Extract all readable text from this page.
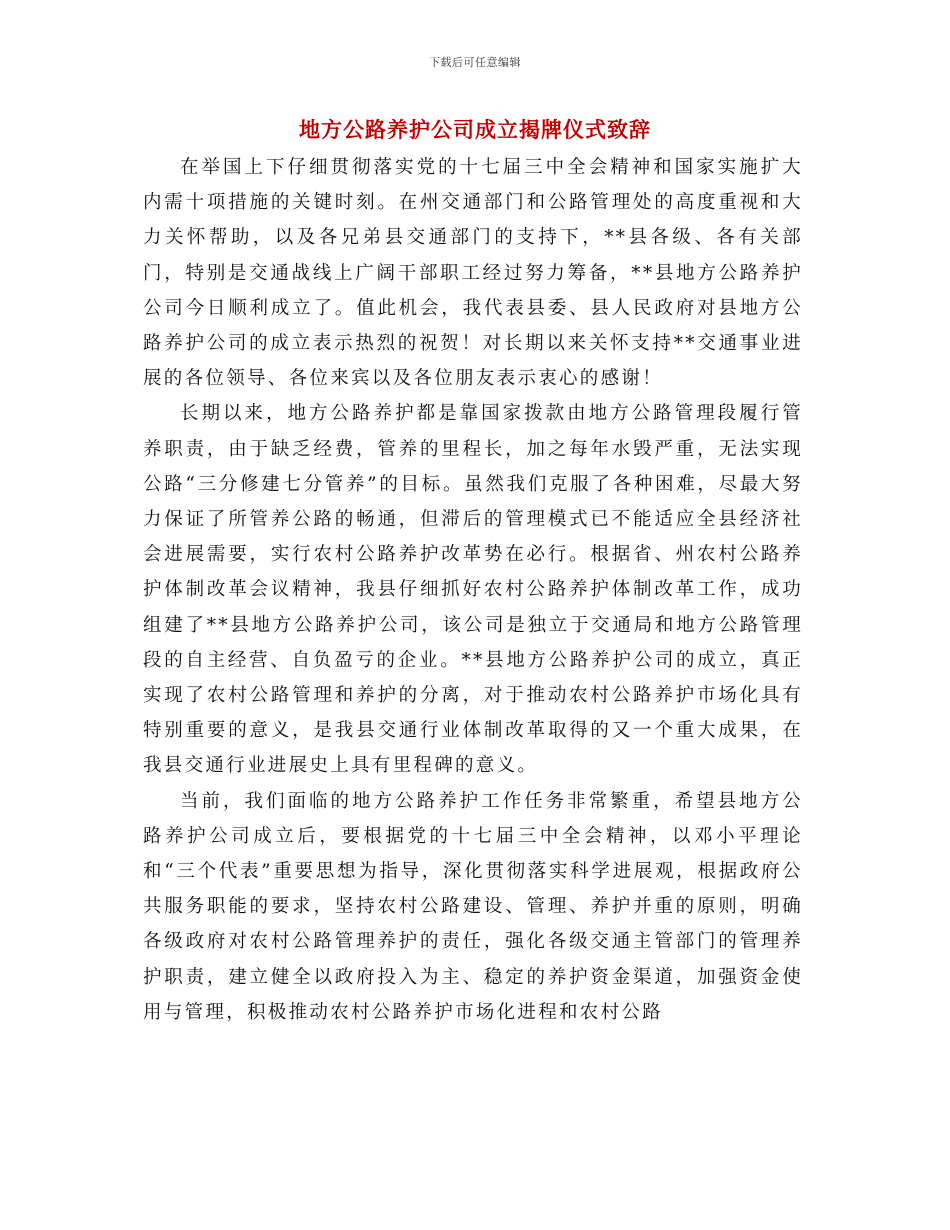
下载后可任意编辑
地方公路养护公司成立揭牌仪式致辞

在举国上下仔细贯彻落实党的十七届三中全会精神和国家实施扩大内需十项措施的关键时刻。在州交通部门和公路管理处的高度重视和大力关怀帮助，以及各兄弟县交通部门的支持下，**县各级、各有关部门，特别是交通战线上广阔干部职工经过努力筹备，**县地方公路养护公司今日顺利成立了。值此机会，我代表县委、县人民政府对县地方公路养护公司的成立表示热烈的祝贺！对长期以来关怀支持**交通事业进展的各位领导、各位来宾以及各位朋友表示衷心的感谢！

长期以来，地方公路养护都是靠国家拨款由地方公路管理段履行管养职责，由于缺乏经费，管养的里程长，加之每年水毁严重，无法实现公路“三分修建七分管养”的目标。虽然我们克服了各种困难，尽最大努力保证了所管养公路的畅通，但滞后的管理模式已不能适应全县经济社会进展需要，实行农村公路养护改革势在必行。根据省、州农村公路养护体制改革会议精神，我县仔细抓好农村公路养护体制改革工作，成功组建了**县地方公路养护公司，该公司是独立于交通局和地方公路管理段的自主经营、自负盈亏的企业。**县地方公路养护公司的成立，真正实现了农村公路管理和养护的分离，对于推动农村公路养护市场化具有特别重要的意义，是我县交通行业体制改革取得的又一个重大成果，在我县交通行业进展史上具有里程碑的意义。

当前，我们面临的地方公路养护工作任务非常繁重，希望县地方公路养护公司成立后，要根据党的十七届三中全会精神，以邓小平理论和“三个代表”重要思想为指导，深化贯彻落实科学进展观，根据政府公共服务职能的要求，坚持农村公路建设、管理、养护并重的原则，明确各级政府对农村公路管理养护的责任，强化各级交通主管部门的管理养护职责，建立健全以政府投入为主、稳定的养护资金渠道，加强资金使用与管理，积极推动农村公路养护市场化进程和农村公路
